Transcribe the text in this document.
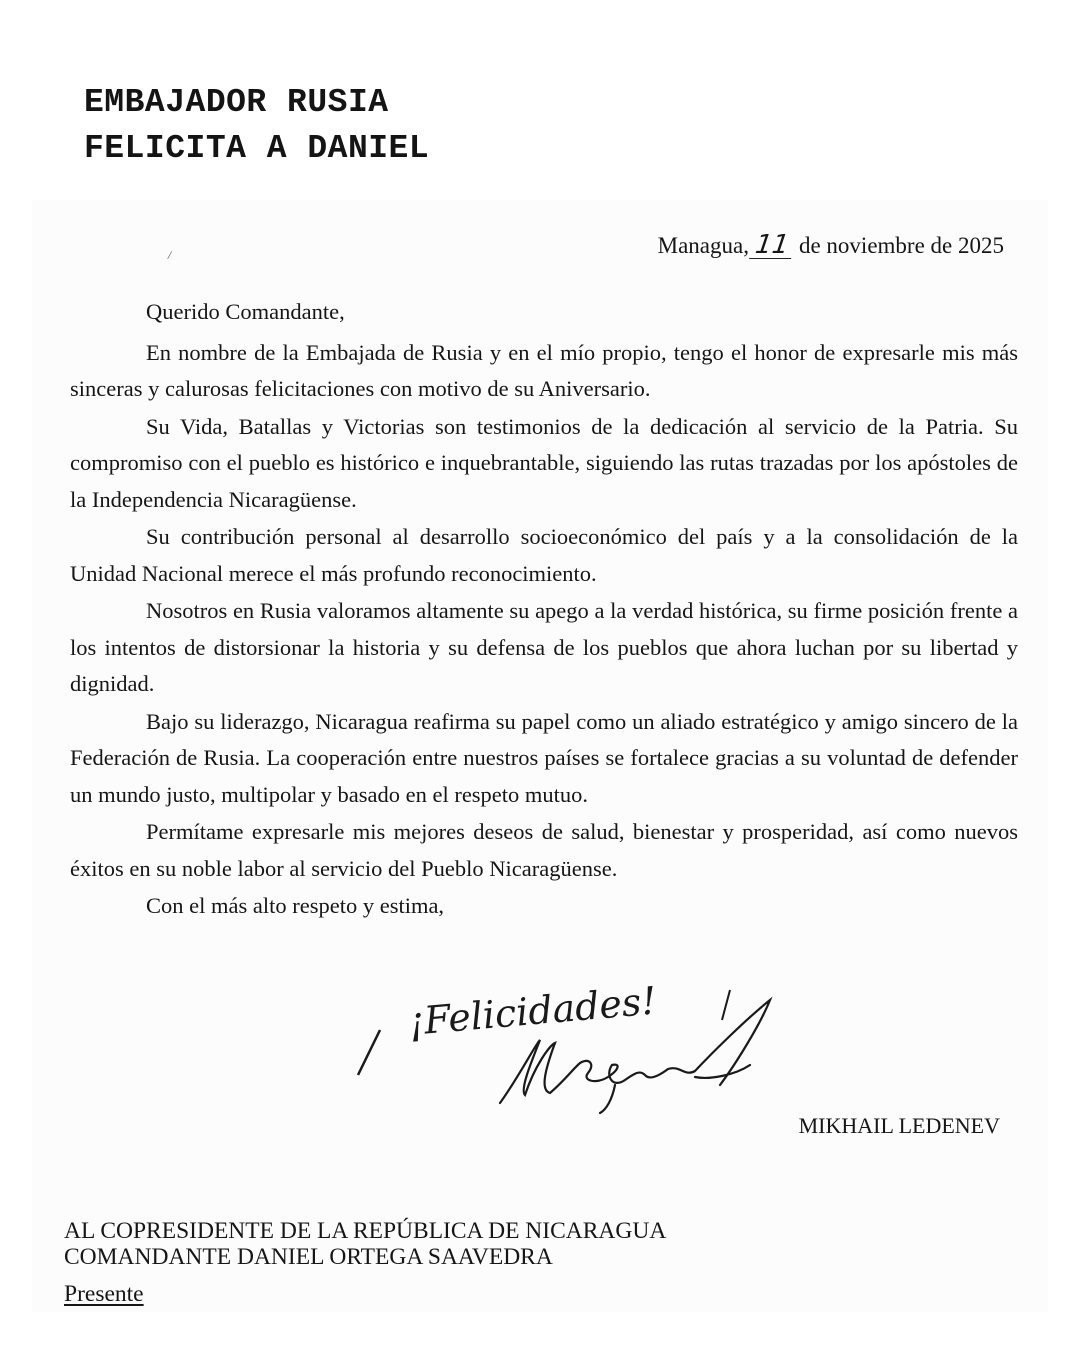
EMBAJADOR RUSIA
FELICITA A DANIEL
/	Managua, 11 de noviembre de 2025

Querido Comandante,

En nombre de la Embajada de Rusia y en el mío propio, tengo el honor de expresarle mis más sinceras y calurosas felicitaciones con motivo de su Aniversario.

Su Vida, Batallas y Victorias son testimonios de la dedicación al servicio de la Patria. Su compromiso con el pueblo es histórico e inquebrantable, siguiendo las rutas trazadas por los apóstoles de la Independencia Nicaragüense.

Su contribución personal al desarrollo socioeconómico del país y a la consolidación de la Unidad Nacional merece el más profundo reconocimiento.

Nosotros en Rusia valoramos altamente su apego a la verdad histórica, su firme posición frente a los intentos de distorsionar la historia y su defensa de los pueblos que ahora luchan por su libertad y dignidad.

Bajo su liderazgo, Nicaragua reafirma su papel como un aliado estratégico y amigo sincero de la Federación de Rusia. La cooperación entre nuestros países se fortalece gracias a su voluntad de defender un mundo justo, multipolar y basado en el respeto mutuo.

Permítame expresarle mis mejores deseos de salud, bienestar y prosperidad, así como nuevos éxitos en su noble labor al servicio del Pueblo Nicaragüense.

Con el más alto respeto y estima,

¡Felicidades!
MIKHAIL LEDENEV
AL COPRESIDENTE DE LA REPÚBLICA DE NICARAGUA
COMANDANTE DANIEL ORTEGA SAAVEDRA
Presente
